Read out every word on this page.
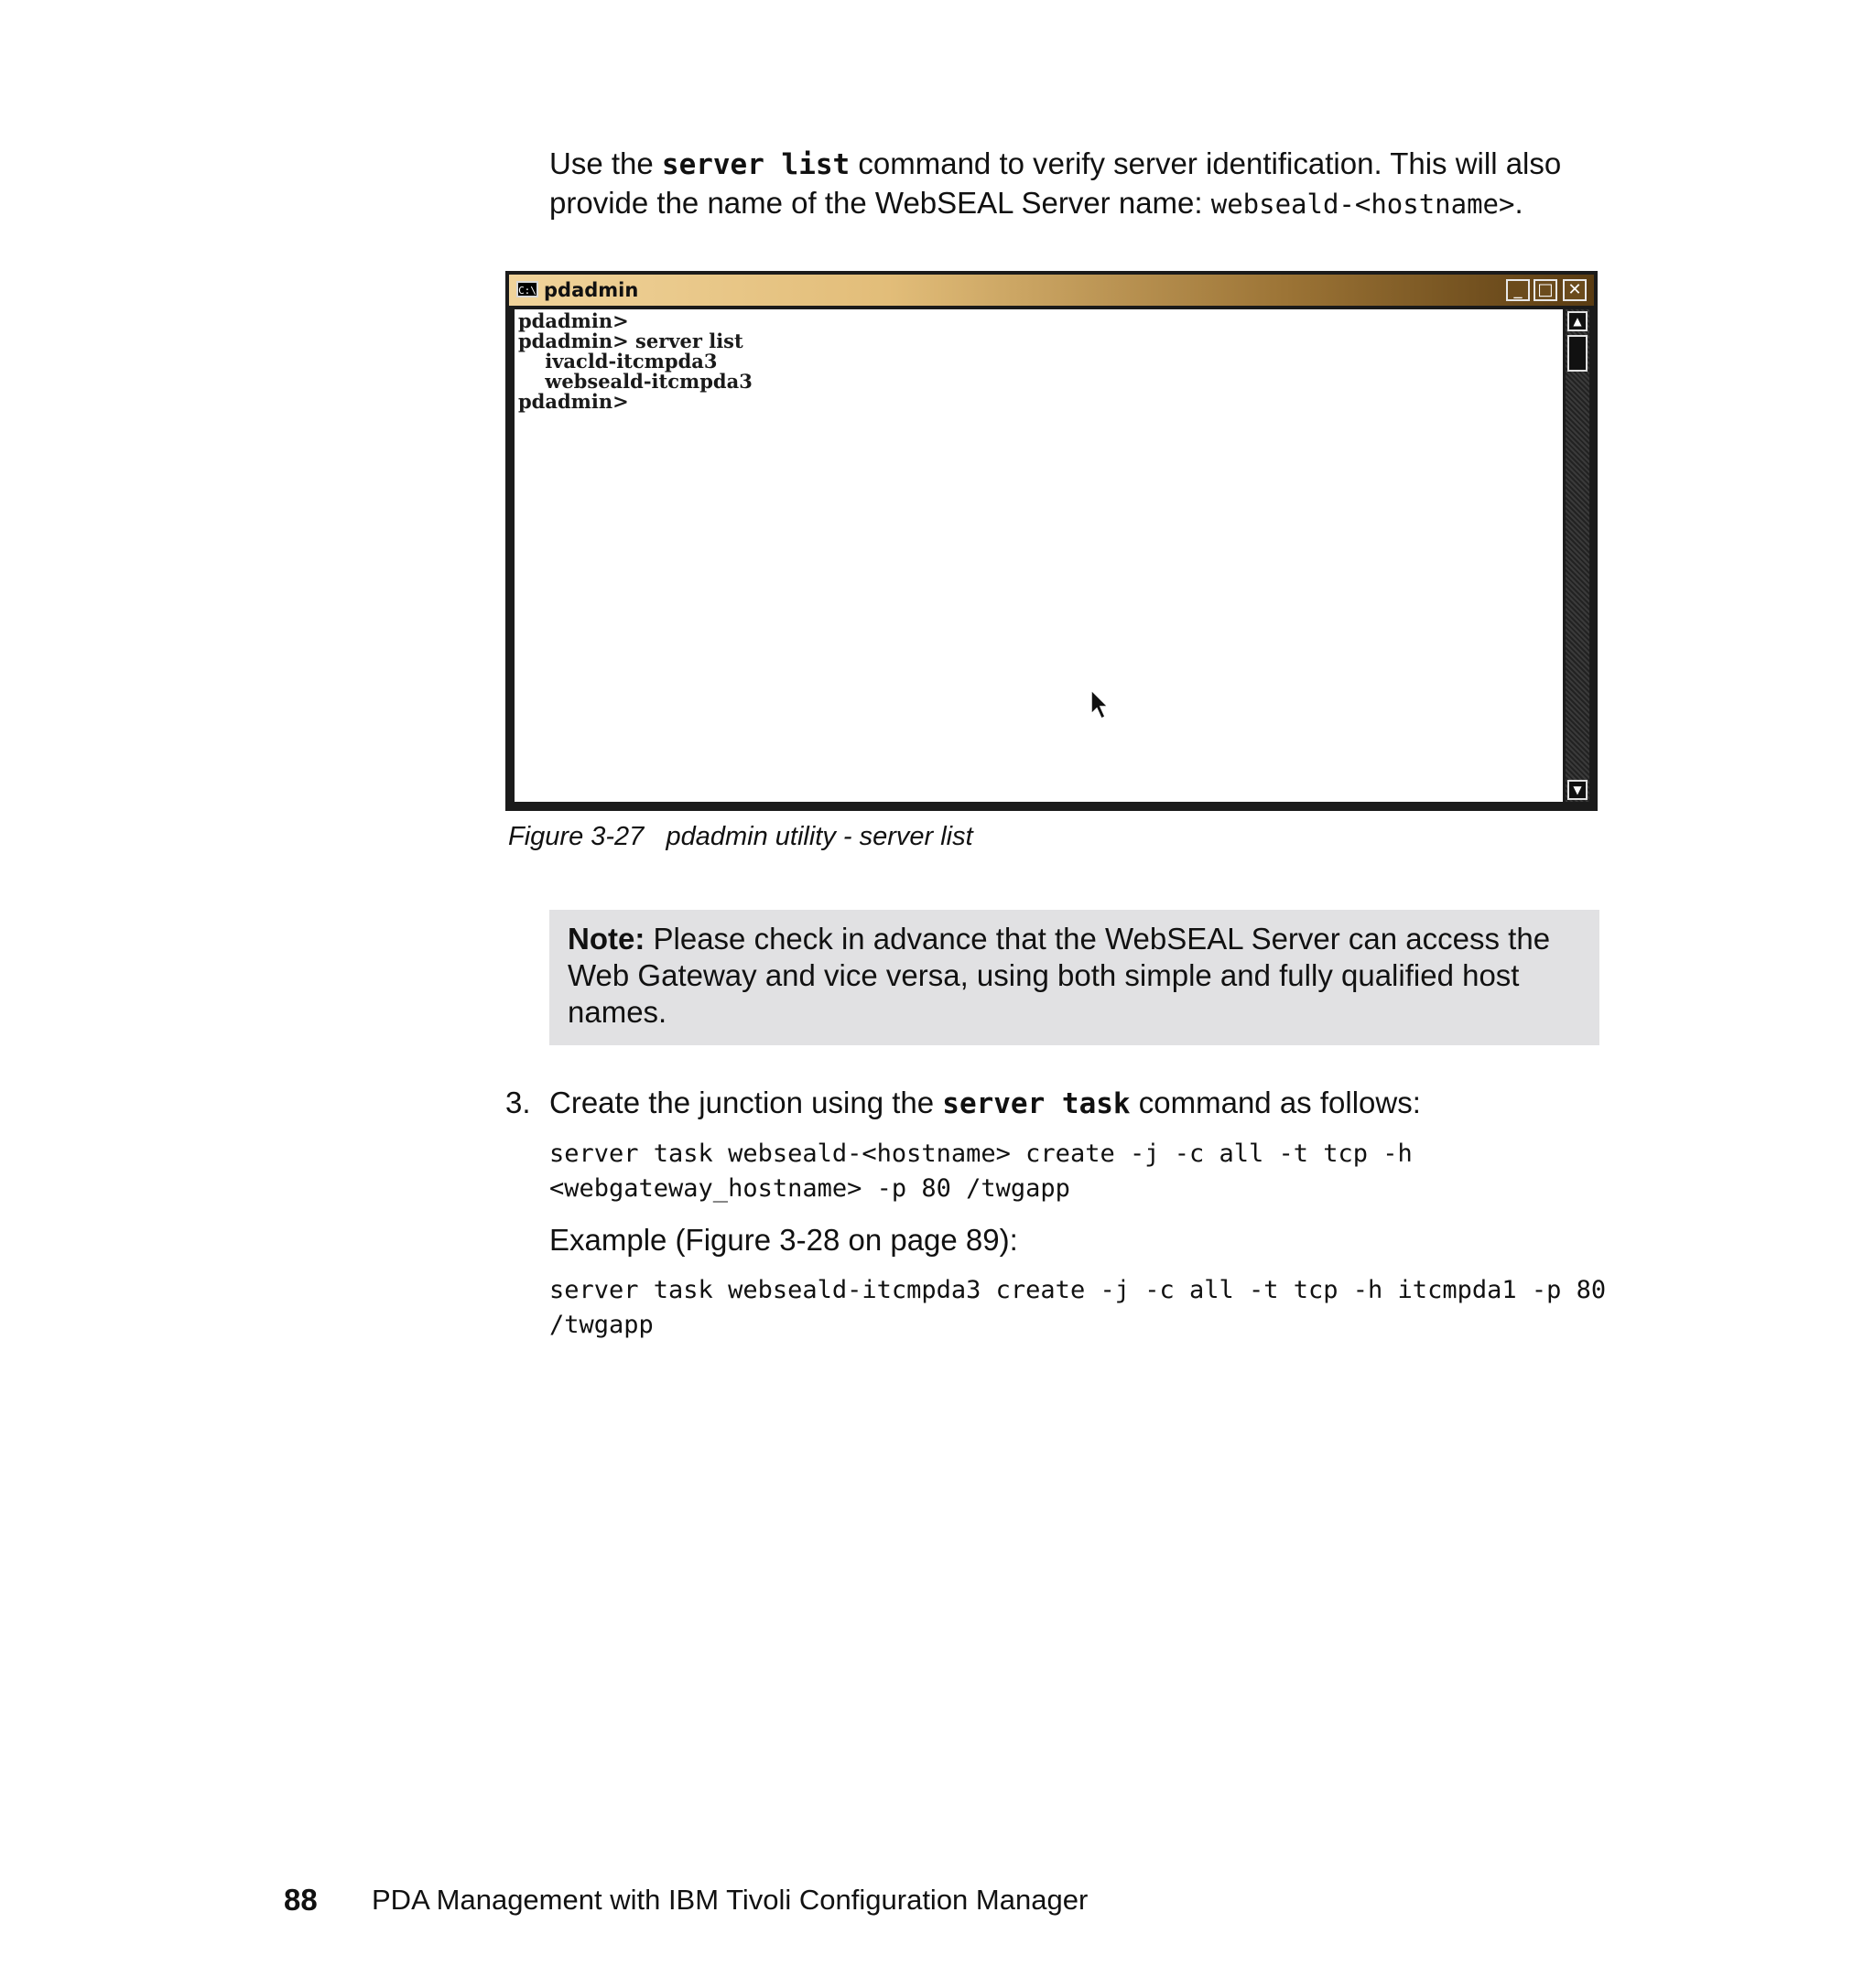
Use the server list command to verify server identification. This will also provide the name of the WebSEAL Server name: webseald-<hostname>.
C:\ pdadmin	_ □ ✕
pdadmin>
pdadmin> server list
ivacld-itcmpda3
webseald-itcmpda3
pdadmin>
▲
▼
Figure 3-27   pdadmin utility - server list
Note: Please check in advance that the WebSEAL Server can access the Web Gateway and vice versa, using both simple and fully qualified host names.
3. Create the junction using the server task command as follows:
server task webseald-<hostname> create -j -c all -t tcp -h
<webgateway_hostname> -p 80 /twgapp
Example (Figure 3-28 on page 89):
server task webseald-itcmpda3 create -j -c all -t tcp -h itcmpda1 -p 80
/twgapp
88 PDA Management with IBM Tivoli Configuration Manager
